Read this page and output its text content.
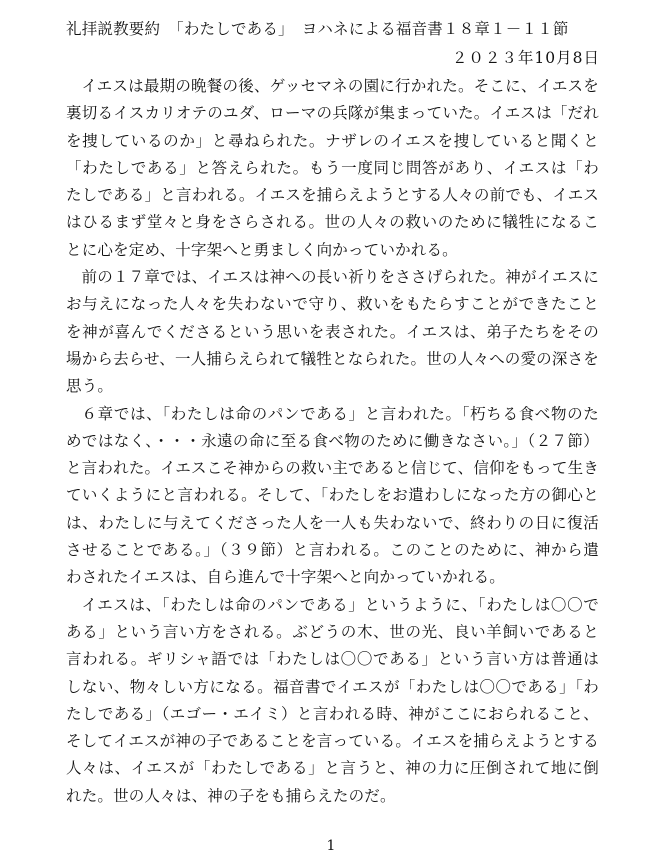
礼拝説教要約　「わたしである」　ヨハネによる福音書１８章１－１１節
２０２３年10月8日

イエスは最期の晩餐の後、ゲッセマネの園に行かれた。そこに、イエスを裏切るイスカリオテのユダ、ローマの兵隊が集まっていた。イエスは「だれを捜しているのか」と尋ねられた。ナザレのイエスを捜していると聞くと「わたしである」と答えられた。もう一度同じ問答があり、イエスは「わたしである」と言われる。イエスを捕らえようとする人々の前でも、イエスはひるまず堂々と身をさらされる。世の人々の救いのために犠牲になることに心を定め、十字架へと勇ましく向かっていかれる。

前の１７章では、イエスは神への長い祈りをささげられた。神がイエスにお与えになった人々を失わないで守り、救いをもたらすことができたことを神が喜んでくださるという思いを表された。イエスは、弟子たちをその場から去らせ、一人捕らえられて犠牲となられた。世の人々への愛の深さを思う。

６章では、「わたしは命のパンである」と言われた。「朽ちる食べ物のためではなく、・・・永遠の命に至る食べ物のために働きなさい。」（２７節）と言われた。イエスこそ神からの救い主であると信じて、信仰をもって生きていくようにと言われる。そして、「わたしをお遣わしになった方の御心とは、わたしに与えてくださった人を一人も失わないで、終わりの日に復活させることである。」（３９節）と言われる。このことのために、神から遣わされたイエスは、自ら進んで十字架へと向かっていかれる。

イエスは、「わたしは命のパンである」というように、「わたしは〇〇である」という言い方をされる。ぶどうの木、世の光、良い羊飼いであると言われる。ギリシャ語では「わたしは〇〇である」という言い方は普通はしない、物々しい方になる。福音書でイエスが「わたしは〇〇である」「わたしである」（エゴー・エイミ）と言われる時、神がここにおられること、そしてイエスが神の子であることを言っている。イエスを捕らえようとする人々は、イエスが「わたしである」と言うと、神の力に圧倒されて地に倒れた。世の人々は、神の子をも捕らえたのだ。

1
